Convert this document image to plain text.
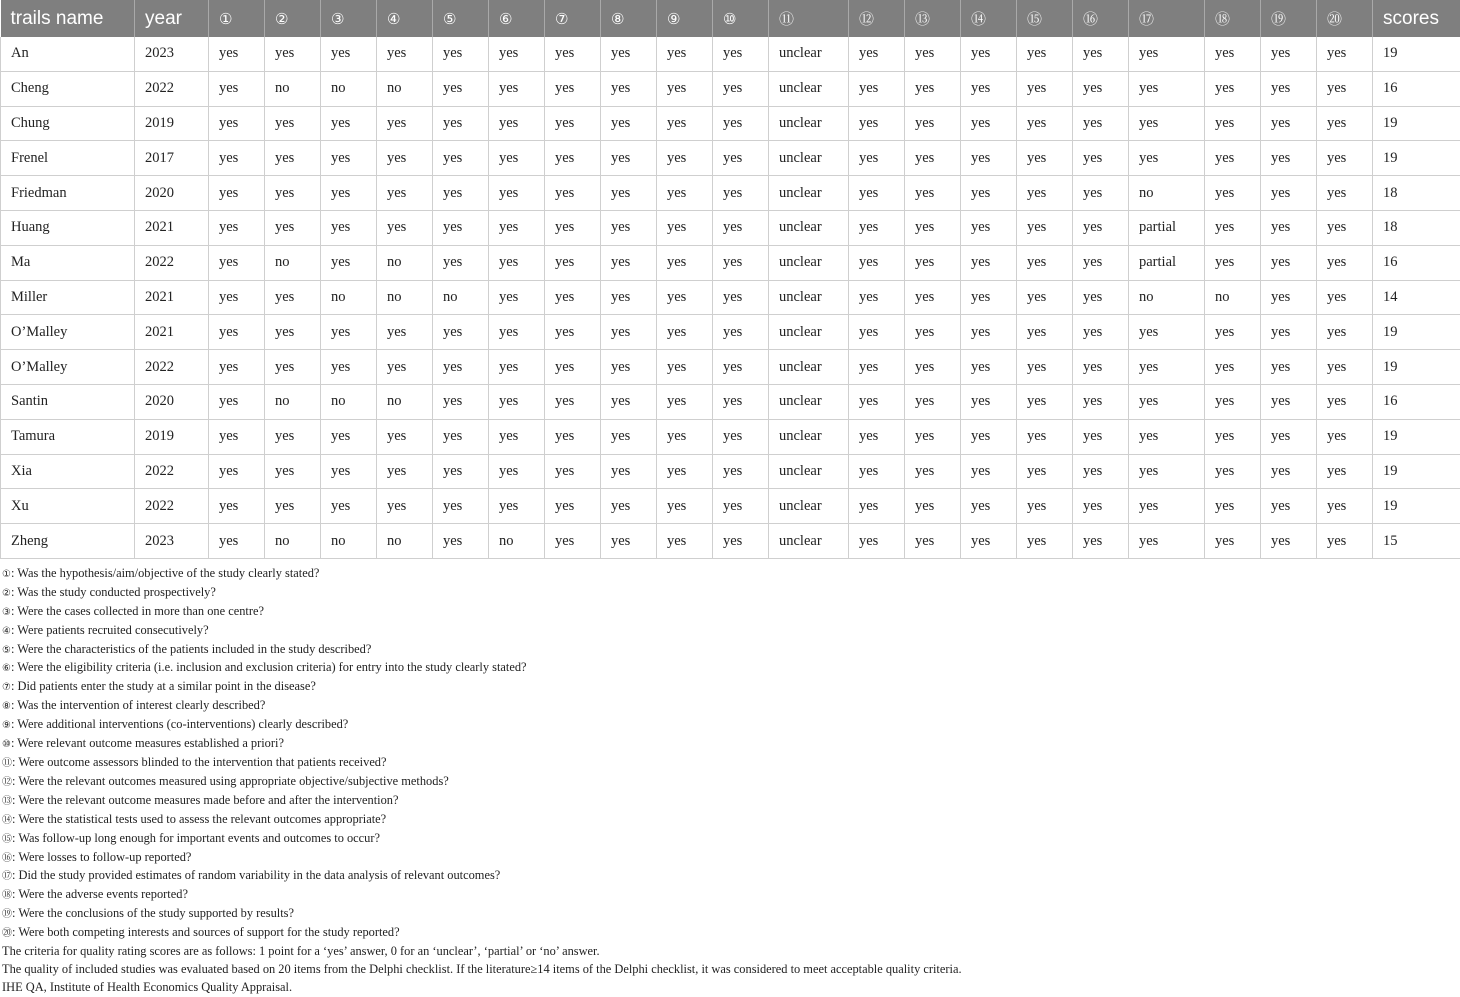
trails name	year	①	②	③	④	⑤	⑥	⑦	⑧	⑨	⑩	⑪	⑫	⑬	⑭	⑮	⑯	⑰	⑱	⑲	⑳	scores
An	2023	yes	yes	yes	yes	yes	yes	yes	yes	yes	yes	unclear	yes	yes	yes	yes	yes	yes	yes	yes	yes	19
Cheng	2022	yes	no	no	no	yes	yes	yes	yes	yes	yes	unclear	yes	yes	yes	yes	yes	yes	yes	yes	yes	16
Chung	2019	yes	yes	yes	yes	yes	yes	yes	yes	yes	yes	unclear	yes	yes	yes	yes	yes	yes	yes	yes	yes	19
Frenel	2017	yes	yes	yes	yes	yes	yes	yes	yes	yes	yes	unclear	yes	yes	yes	yes	yes	yes	yes	yes	yes	19
Friedman	2020	yes	yes	yes	yes	yes	yes	yes	yes	yes	yes	unclear	yes	yes	yes	yes	yes	no	yes	yes	yes	18
Huang	2021	yes	yes	yes	yes	yes	yes	yes	yes	yes	yes	unclear	yes	yes	yes	yes	yes	partial	yes	yes	yes	18
Ma	2022	yes	no	yes	no	yes	yes	yes	yes	yes	yes	unclear	yes	yes	yes	yes	yes	partial	yes	yes	yes	16
Miller	2021	yes	yes	no	no	no	yes	yes	yes	yes	yes	unclear	yes	yes	yes	yes	yes	no	no	yes	yes	14
O’Malley	2021	yes	yes	yes	yes	yes	yes	yes	yes	yes	yes	unclear	yes	yes	yes	yes	yes	yes	yes	yes	yes	19
O’Malley	2022	yes	yes	yes	yes	yes	yes	yes	yes	yes	yes	unclear	yes	yes	yes	yes	yes	yes	yes	yes	yes	19
Santin	2020	yes	no	no	no	yes	yes	yes	yes	yes	yes	unclear	yes	yes	yes	yes	yes	yes	yes	yes	yes	16
Tamura	2019	yes	yes	yes	yes	yes	yes	yes	yes	yes	yes	unclear	yes	yes	yes	yes	yes	yes	yes	yes	yes	19
Xia	2022	yes	yes	yes	yes	yes	yes	yes	yes	yes	yes	unclear	yes	yes	yes	yes	yes	yes	yes	yes	yes	19
Xu	2022	yes	yes	yes	yes	yes	yes	yes	yes	yes	yes	unclear	yes	yes	yes	yes	yes	yes	yes	yes	yes	19
Zheng	2023	yes	no	no	no	yes	no	yes	yes	yes	yes	unclear	yes	yes	yes	yes	yes	yes	yes	yes	yes	15
①: Was the hypothesis/aim/objective of the study clearly stated?
②: Was the study conducted prospectively?
③: Were the cases collected in more than one centre?
④: Were patients recruited consecutively?
⑤: Were the characteristics of the patients included in the study described?
⑥: Were the eligibility criteria (i.e. inclusion and exclusion criteria) for entry into the study clearly stated?
⑦: Did patients enter the study at a similar point in the disease?
⑧: Was the intervention of interest clearly described?
⑨: Were additional interventions (co-interventions) clearly described?
⑩: Were relevant outcome measures established a priori?
⑪: Were outcome assessors blinded to the intervention that patients received?
⑫: Were the relevant outcomes measured using appropriate objective/subjective methods?
⑬: Were the relevant outcome measures made before and after the intervention?
⑭: Were the statistical tests used to assess the relevant outcomes appropriate?
⑮: Was follow-up long enough for important events and outcomes to occur?
⑯: Were losses to follow-up reported?
⑰: Did the study provided estimates of random variability in the data analysis of relevant outcomes?
⑱: Were the adverse events reported?
⑲: Were the conclusions of the study supported by results?
⑳: Were both competing interests and sources of support for the study reported?
The criteria for quality rating scores are as follows: 1 point for a ‘yes’ answer, 0 for an ‘unclear’, ‘partial’ or ‘no’ answer.
The quality of included studies was evaluated based on 20 items from the Delphi checklist. If the literature≥14 items of the Delphi checklist, it was considered to meet acceptable quality criteria.
IHE QA, Institute of Health Economics Quality Appraisal.
